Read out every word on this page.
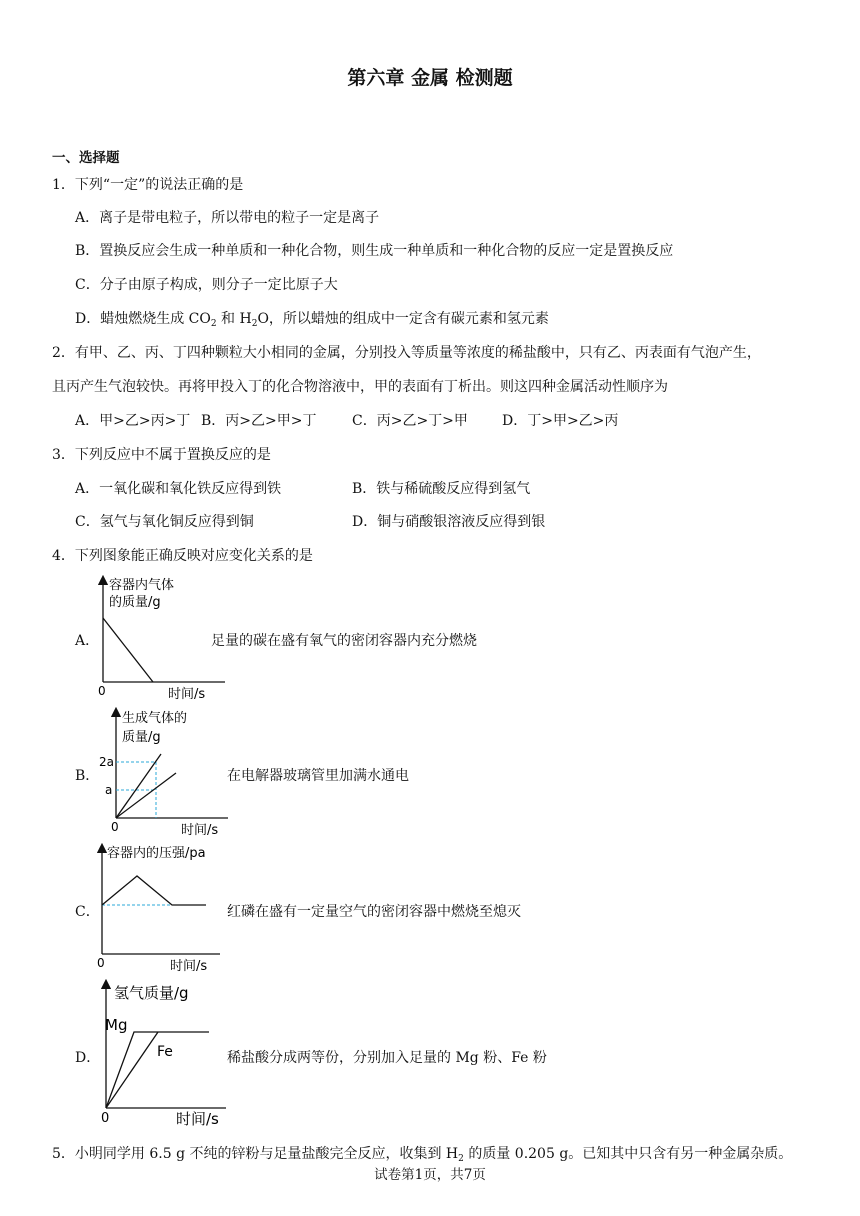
第六章 金属 检测题
一、选择题
1．下列“一定”的说法正确的是
A．离子是带电粒子，所以带电的粒子一定是离子
B．置换反应会生成一种单质和一种化合物，则生成一种单质和一种化合物的反应一定是置换反应
C．分子由原子构成，则分子一定比原子大
D．蜡烛燃烧生成 $CO_2$ 和 $H_2O$，所以蜡烛的组成中一定含有碳元素和氢元素
2．有甲、乙、丙、丁四种颗粒大小相同的金属，分别投入等质量等浓度的稀盐酸中，只有乙、丙表面有气泡产生，
且丙产生气泡较快。再将甲投入丁的化合物溶液中，甲的表面有丁析出。则这四种金属活动性顺序为
A．甲>乙>丙>丁 B．丙>乙>甲>丁	C．丙>乙>丁>甲 D．丁>甲>乙>丙
3．下列反应中不属于置换反应的是
A．一氧化碳和氧化铁反应得到铁	B．铁与稀硫酸反应得到氢气
C．氢气与氧化铜反应得到铜	D．铜与硝酸银溶液反应得到银
4．下列图象能正确反映对应变化关系的是
A．
容器内气体
的质量/g
0	时间/s
足量的碳在盛有氧气的密闭容器内充分燃烧
B．
生成气体的
质量/g
2a
a
0	时间/s
在电解器玻璃管里加满水通电
C．
容器内的压强/pa
0	时间/s
红磷在盛有一定量空气的密闭容器中燃烧至熄灭
D．
氢气质量/g
Mg
Fe
0	时间/s
稀盐酸分成两等份，分别加入足量的 Mg 粉、Fe 粉
5．小明同学用 6.5 g 不纯的锌粉与足量盐酸完全反应，收集到 $H_2$ 的质量 0.205 g。已知其中只含有另一种金属杂质。
试卷第1页，共7页
